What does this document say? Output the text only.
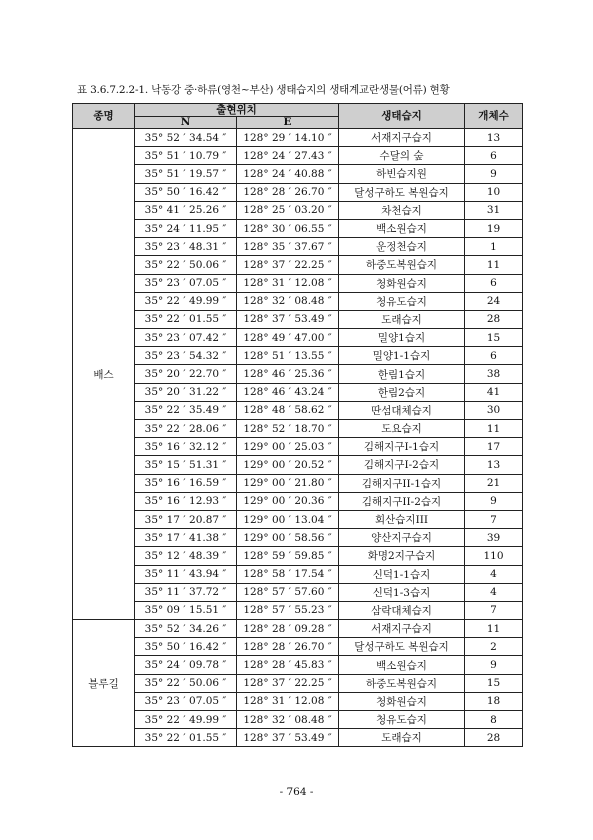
표 3.6.7.2.2-1. 낙동강 중·하류(영천~부산) 생태습지의 생태계교란생물(어류) 현황
종명	출현위치		생태습지	개체수
	N	E		
배스	35° 52 ′ 34.54 ″	128° 29 ′ 14.10 ″	서재지구습지	13
	35° 51 ′ 10.79 ″	128° 24 ′ 27.43 ″	수달의 숲	6
	35° 51 ′ 19.57 ″	128° 24 ′ 40.88 ″	하빈습지원	9
	35° 50 ′ 16.42 ″	128° 28 ′ 26.70 ″	달성구하도 복원습지	10
	35° 41 ′ 25.26 ″	128° 25 ′ 03.20 ″	차천습지	31
	35° 24 ′ 11.95 ″	128° 30 ′ 06.55 ″	백소원습지	19
	35° 23 ′ 48.31 ″	128° 35 ′ 37.67 ″	운정천습지	1
	35° 22 ′ 50.06 ″	128° 37 ′ 22.25 ″	하중도복원습지	11
	35° 23 ′ 07.05 ″	128° 31 ′ 12.08 ″	청화원습지	6
	35° 22 ′ 49.99 ″	128° 32 ′ 08.48 ″	청유도습지	24
	35° 22 ′ 01.55 ″	128° 37 ′ 53.49 ″	도래습지	28
	35° 23 ′ 07.42 ″	128° 49 ′ 47.00 ″	밀양1습지	15
	35° 23 ′ 54.32 ″	128° 51 ′ 13.55 ″	밀양1-1습지	6
	35° 20 ′ 22.70 ″	128° 46 ′ 25.36 ″	한림1습지	38
	35° 20 ′ 31.22 ″	128° 46 ′ 43.24 ″	한림2습지	41
	35° 22 ′ 35.49 ″	128° 48 ′ 58.62 ″	딴섬대체습지	30
	35° 22 ′ 28.06 ″	128° 52 ′ 18.70 ″	도요습지	11
	35° 16 ′ 32.12 ″	129° 00 ′ 25.03 ″	김해지구I-1습지	17
	35° 15 ′ 51.31 ″	129° 00 ′ 20.52 ″	김해지구I-2습지	13
	35° 16 ′ 16.59 ″	129° 00 ′ 21.80 ″	김해지구II-1습지	21
	35° 16 ′ 12.93 ″	129° 00 ′ 20.36 ″	김해지구II-2습지	9
	35° 17 ′ 20.87 ″	129° 00 ′ 13.04 ″	회산습지III	7
	35° 17 ′ 41.38 ″	129° 00 ′ 58.56 ″	양산지구습지	39
	35° 12 ′ 48.39 ″	128° 59 ′ 59.85 ″	화명2지구습지	110
	35° 11 ′ 43.94 ″	128° 58 ′ 17.54 ″	신덕1-1습지	4
	35° 11 ′ 37.72 ″	128° 57 ′ 57.60 ″	신덕1-3습지	4
	35° 09 ′ 15.51 ″	128° 57 ′ 55.23 ″	삼락대체습지	7
블루길	35° 52 ′ 34.26 ″	128° 28 ′ 09.28 ″	서재지구습지	11
	35° 50 ′ 16.42 ″	128° 28 ′ 26.70 ″	달성구하도 복원습지	2
	35° 24 ′ 09.78 ″	128° 28 ′ 45.83 ″	백소원습지	9
	35° 22 ′ 50.06 ″	128° 37 ′ 22.25 ″	하중도복원습지	15
	35° 23 ′ 07.05 ″	128° 31 ′ 12.08 ″	청화원습지	18
	35° 22 ′ 49.99 ″	128° 32 ′ 08.48 ″	청유도습지	8
	35° 22 ′ 01.55 ″	128° 37 ′ 53.49 ″	도래습지	28
- 764 -
